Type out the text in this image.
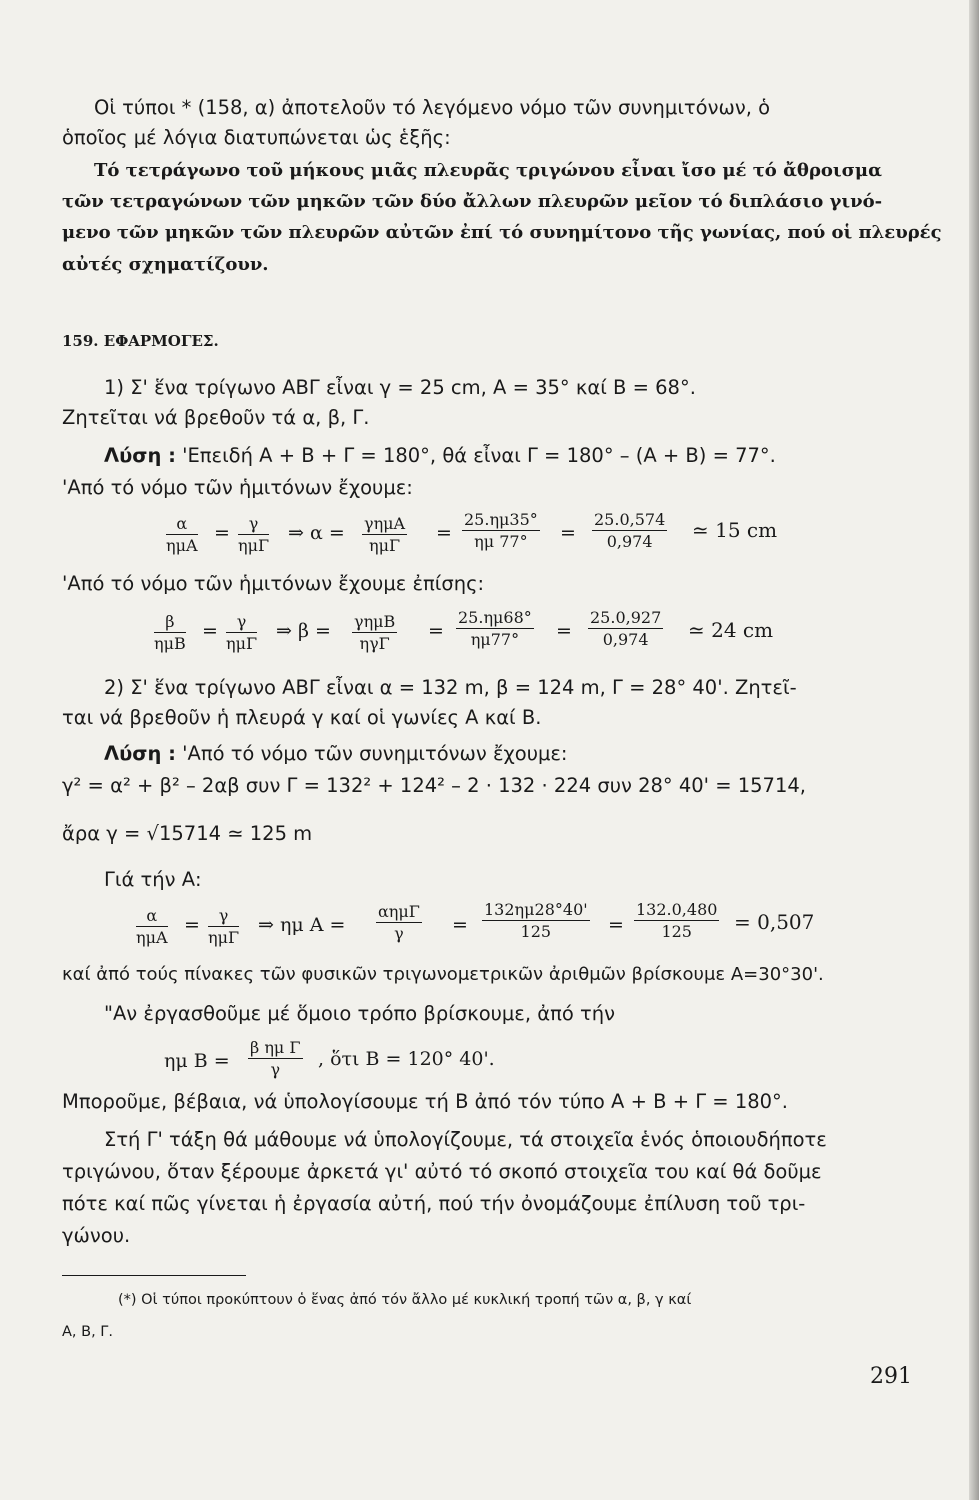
Οἱ τύποι * (158, α) ἀποτελοῦν τό λεγόμενο νόμο τῶν συνημιτόνων, ὁ
ὁποῖος μέ λόγια διατυπώνεται ὡς ἑξῆς:
Τό τετράγωνο τοῦ μήκους μιᾶς πλευρᾶς τριγώνου εἶναι ἴσο μέ τό ἄθροισμα
τῶν τετραγώνων τῶν μηκῶν τῶν δύο ἄλλων πλευρῶν μεῖον τό διπλάσιο γινό-
μενο τῶν μηκῶν τῶν πλευρῶν αὐτῶν ἐπί τό συνημίτονο τῆς γωνίας, πού οἱ πλευρές
αὐτές σχηματίζουν.
159. ΕΦΑΡΜΟΓΕΣ.
1) Σ' ἕνα τρίγωνο ΑΒΓ εἶναι γ = 25 cm, Α = 35° καί Β = 68°.
Ζητεῖται νά βρεθοῦν τά α, β, Γ.
Λύση : 'Επειδή Α + Β + Γ = 180°, θά εἶναι Γ = 180° – (Α + Β) = 77°.
'Από τό νόμο τῶν ἡμιτόνων ἔχουμε:
α
ημΑ
=	γ
ημΓ
⇒ α = γημΑ
ημΓ
= $\frac{25.\eta\mu 35^\circ}{\eta\mu 77^\circ} = \frac{25.0,574}{0,974}$ ≃ 15 cm
'Από τό νόμο τῶν ἡμιτόνων ἔχουμε ἐπίσης:
β
ημΒ
=	γ
ημΓ
⇒ β = γημΒ
ηγΓ
= $\frac{25.\eta\mu 68^\circ}{\eta\mu 77^\circ} = \frac{25.0,927}{0,974}$ ≃ 24 cm
2) Σ' ἕνα τρίγωνο ΑΒΓ εἶναι α = 132 m, β = 124 m, Γ = 28° 40'. Ζητεῖ-
ται νά βρεθοῦν ἡ πλευρά γ καί οἱ γωνίες Α καί Β.
Λύση : 'Από τό νόμο τῶν συνημιτόνων ἔχουμε:
γ² = α² + β² – 2αβ συν Γ = 132² + 124² – 2 · 132 · 224 συν 28° 40' = 15714,
ἄρα γ = √15714 ≃ 125 m
Γιά τήν Α:
α
ημΑ
=	γ
ημΓ
⇒ ημ Α =
αημΓ
γ	= $\frac{132\eta\mu 28^\circ 40'}{125} = \frac{132.0,480}{125} = 0,507$
καί ἀπό τούς πίνακες τῶν φυσικῶν τριγωνομετρικῶν ἀριθμῶν βρίσκουμε Α=30°30'.
"Αν ἐργασθοῦμε μέ ὅμοιο τρόπο βρίσκουμε, ἀπό τήν
ημ $B = \frac{\text{β ημ Γ}}{\gamma}$ , ὅτι Β = 120° 40'.
Μποροῦμε, βέβαια, νά ὑπολογίσουμε τή Β ἀπό τόν τύπο Α + Β + Γ = 180°.
Στή Γ' τάξη θά μάθουμε νά ὑπολογίζουμε, τά στοιχεῖα ἑνός ὁποιουδήποτε
τριγώνου, ὅταν ξέρουμε ἀρκετά γι' αὐτό τό σκοπό στοιχεῖα του καί θά δοῦμε
πότε καί πῶς γίνεται ἡ ἐργασία αὐτή, πού τήν ὀνομάζουμε ἐπίλυση τοῦ τρι-
γώνου.
(*) Οἱ τύποι προκύπτουν ὁ ἕνας ἀπό τόν ἄλλο μέ κυκλική τροπή τῶν α, β, γ καί
Α, Β, Γ.
291
